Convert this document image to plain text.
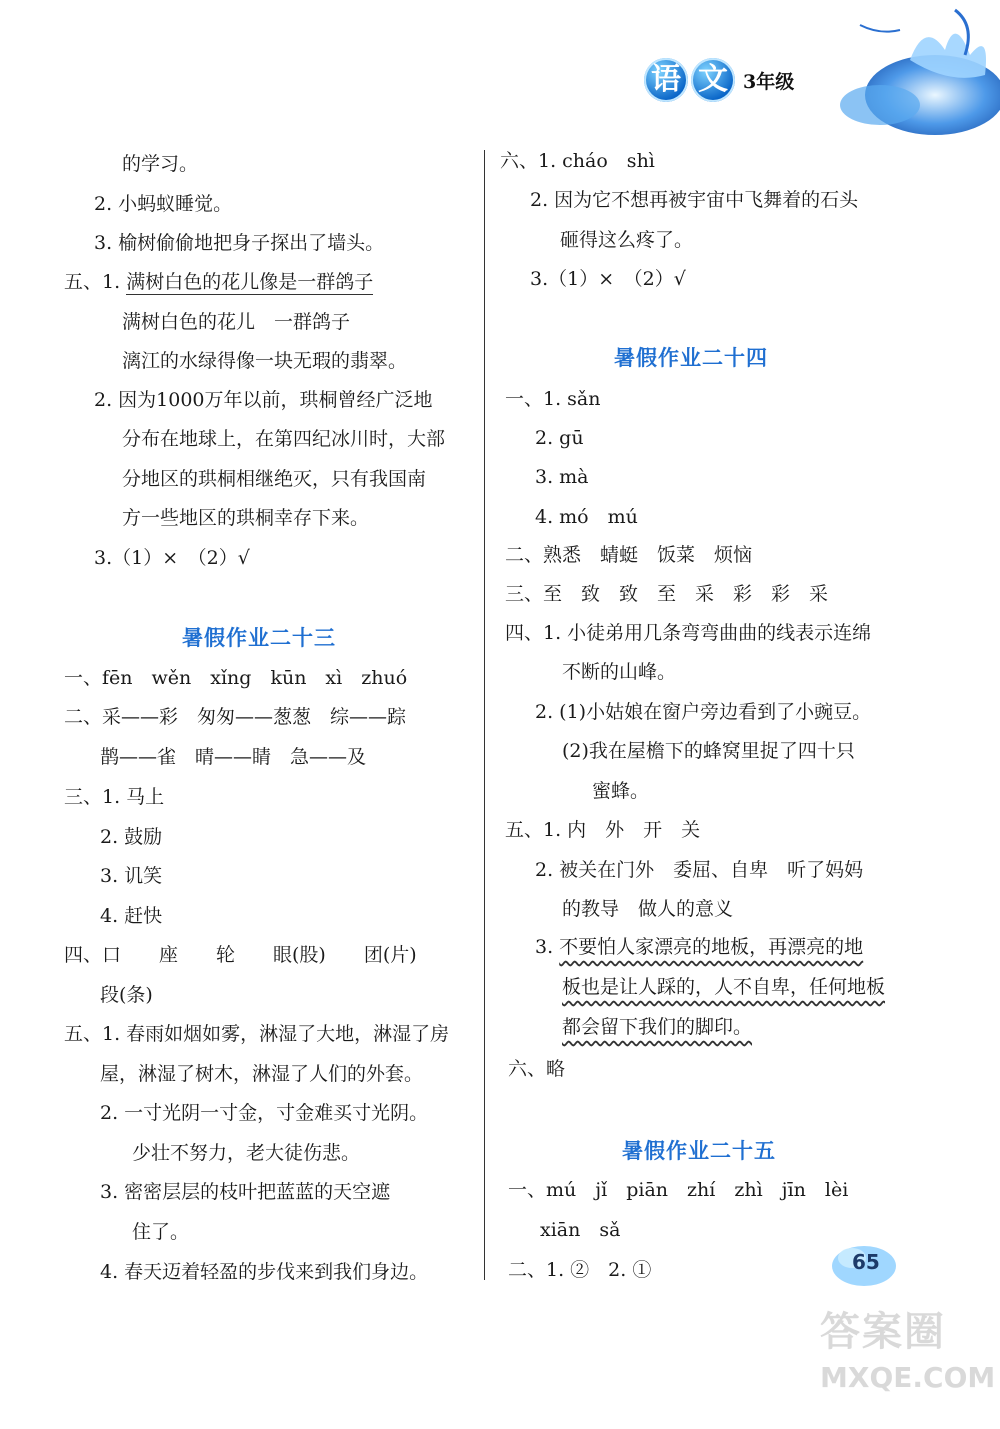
语 文 3年级
的学习。
2. 小蚂蚁睡觉。
3. 榆树偷偷地把身子探出了墙头。
五、1. 满树白色的花儿像是一群鸽子
满树白色的花儿　一群鸽子
漓江的水绿得像一块无瑕的翡翠。
2. 因为1000万年以前，珙桐曾经广泛地
分布在地球上，在第四纪冰川时，大部
分地区的珙桐相继绝灭，只有我国南
方一些地区的珙桐幸存下来。
3.（1）×　（2）√
暑假作业二十三
一、fēn　wěn　xǐng　kūn　xì　zhuó
二、采——彩　匆匆——葱葱　综——踪
鹊——雀　晴——睛　急——及
三、1. 马上
2. 鼓励
3. 讥笑
4. 赶快
四、口　　座　　轮　　眼(股)　　团(片)
段(条)
五、1. 春雨如烟如雾，淋湿了大地，淋湿了房
屋，淋湿了树木，淋湿了人们的外套。
2. 一寸光阴一寸金，寸金难买寸光阴。
少壮不努力，老大徒伤悲。
3. 密密层层的枝叶把蓝蓝的天空遮
住了。
4. 春天迈着轻盈的步伐来到我们身边。
六、1. cháo　shì
2. 因为它不想再被宇宙中飞舞着的石头
砸得这么疼了。
3.（1）×　（2）√
暑假作业二十四
一、1. sǎn
2. gū
3. mà
4. mó　mú
二、熟悉　蜻蜓　饭菜　烦恼
三、至　致　致　至　采　彩　彩　采
四、1. 小徒弟用几条弯弯曲曲的线表示连绵
不断的山峰。
2. (1)小姑娘在窗户旁边看到了小豌豆。
(2)我在屋檐下的蜂窝里捉了四十只
蜜蜂。
五、1. 内　外　开　关
2. 被关在门外　委屈、自卑　听了妈妈
的教导　做人的意义
3. 不要怕人家漂亮的地板，再漂亮的地
板也是让人踩的，人不自卑，任何地板
都会留下我们的脚印。
六、略
暑假作业二十五
一、mú　jǐ　piān　zhí　zhì　jīn　lèi
xiān　sǎ
二、1. ②　2. ①	65
答案圈
MXQE.COM
